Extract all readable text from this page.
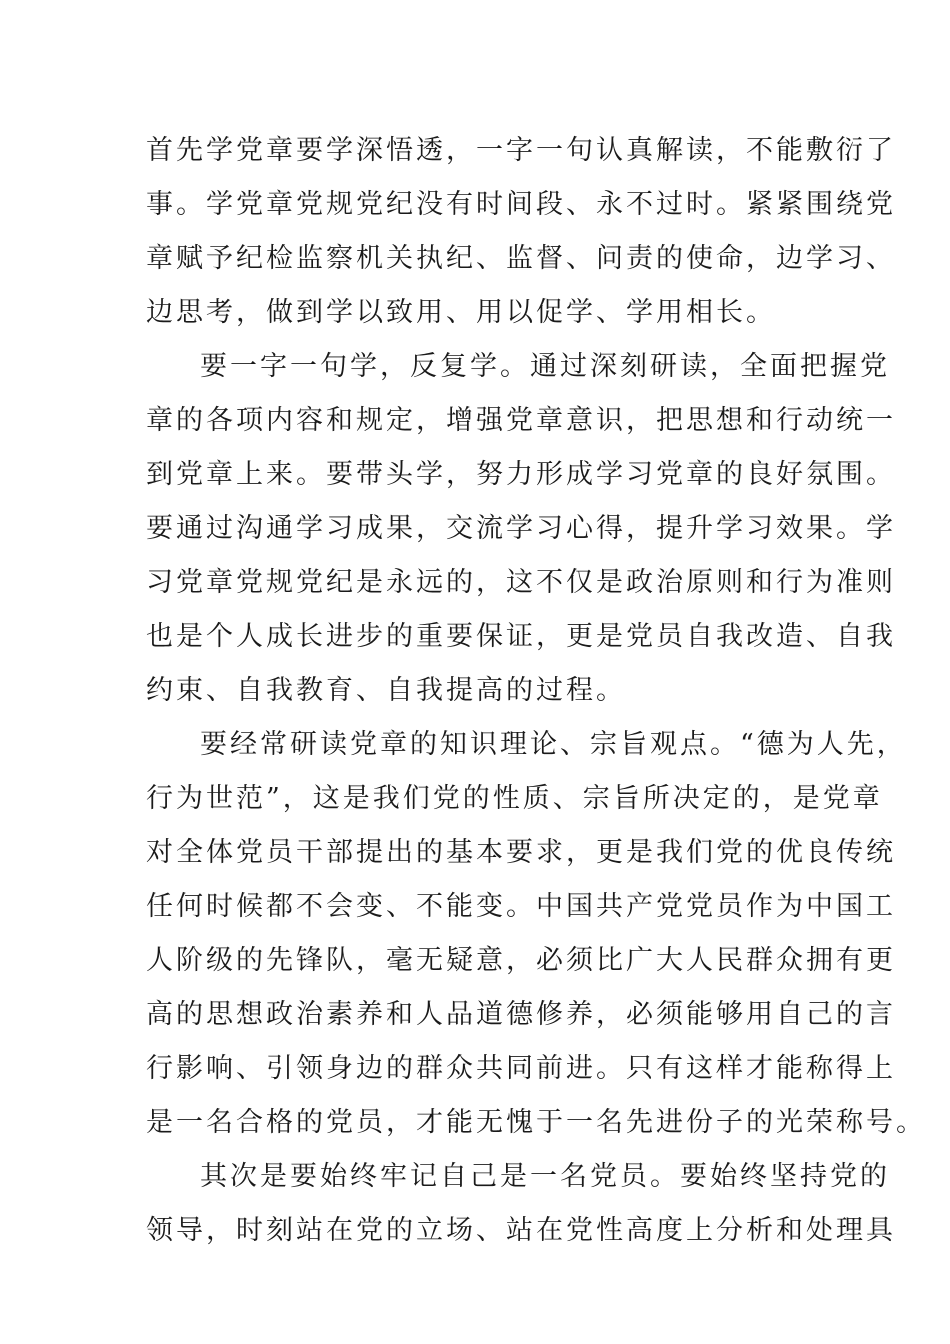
首先学党章要学深悟透，一字一句认真解读，不能敷衍了
事。学党章党规党纪没有时间段、永不过时。紧紧围绕党
章赋予纪检监察机关执纪、监督、问责的使命，边学习、
边思考，做到学以致用、用以促学、学用相长。
要一字一句学，反复学。通过深刻研读，全面把握党
章的各项内容和规定，增强党章意识，把思想和行动统一
到党章上来。要带头学，努力形成学习党章的良好氛围。
要通过沟通学习成果，交流学习心得，提升学习效果。学
习党章党规党纪是永远的，这不仅是政治原则和行为准则
也是个人成长进步的重要保证，更是党员自我改造、自我
约束、自我教育、自我提高的过程。
要经常研读党章的知识理论、宗旨观点。“德为人先，
行为世范”，这是我们党的性质、宗旨所决定的，是党章
对全体党员干部提出的基本要求，更是我们党的优良传统
任何时候都不会变、不能变。中国共产党党员作为中国工
人阶级的先锋队，毫无疑意，必须比广大人民群众拥有更
高的思想政治素养和人品道德修养，必须能够用自己的言
行影响、引领身边的群众共同前进。只有这样才能称得上
是一名合格的党员，才能无愧于一名先进份子的光荣称号。
其次是要始终牢记自己是一名党员。要始终坚持党的
领导，时刻站在党的立场、站在党性高度上分析和处理具
